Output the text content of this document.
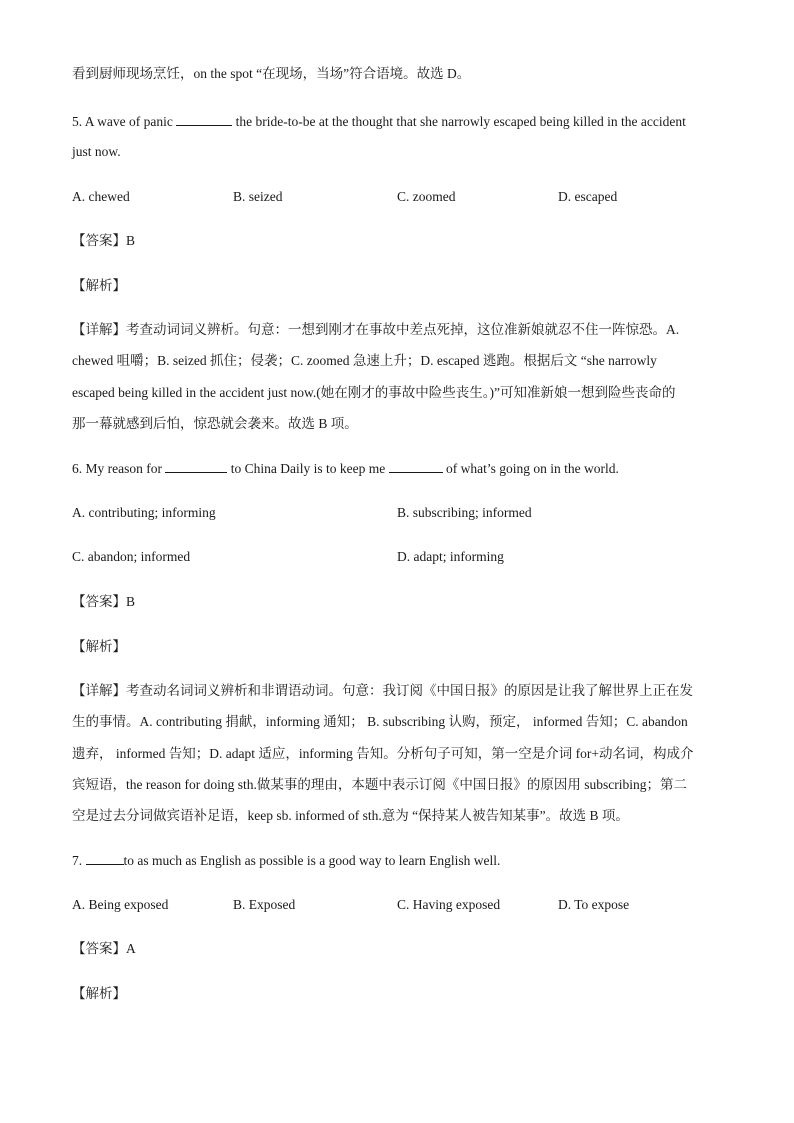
看到厨师现场烹饪，on the spot “在现场，当场”符合语境。故选 D。
5. A wave of panic	the bride-to-be at the thought that she narrowly escaped being killed in the accident
just now.
A. chewed	B. seized	C. zoomed	D. escaped
【答案】B
【解析】
【详解】考查动词词义辨析。句意：一想到刚才在事故中差点死掉，这位准新娘就忍不住一阵惊恐。A.
chewed 咀嚼；B. seized 抓住；侵袭；C. zoomed 急速上升；D. escaped 逃跑。根据后文 “she narrowly
escaped being killed in the accident just now.(她在刚才的事故中险些丧生。)”可知准新娘一想到险些丧命的
那一幕就感到后怕，惊恐就会袭来。故选 B 项。
6. My reason for	to China Daily is to keep me	of what’s going on in the world.
A. contributing; informing	B. subscribing; informed
C. abandon; informed	D. adapt; informing
【答案】B
【解析】
【详解】考查动名词词义辨析和非谓语动词。句意：我订阅《中国日报》的原因是让我了解世界上正在发
生的事情。A. contributing 捐献，informing 通知； B. subscribing 认购，预定， informed 告知；C. abandon
遗弃， informed 告知；D. adapt 适应，informing 告知。分析句子可知，第一空是介词 for+动名词，构成介
宾短语，the reason for doing sth.做某事的理由，本题中表示订阅《中国日报》的原因用 subscribing；第二
空是过去分词做宾语补足语，keep sb. informed of sth.意为 “保持某人被告知某事”。故选 B 项。
7.	to as much as English as possible is a good way to learn English well.
A. Being exposed	B. Exposed	C. Having exposed	D. To expose
【答案】A
【解析】
